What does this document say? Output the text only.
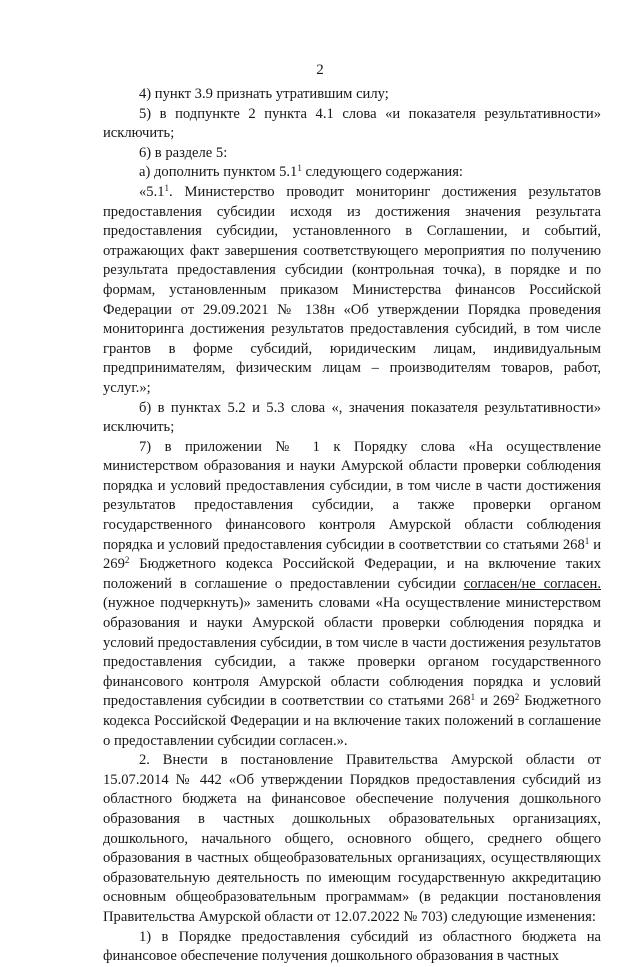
2

4) пункт 3.9 признать утратившим силу;

5) в подпункте 2 пункта 4.1 слова «и показателя результативности» исключить;

6) в разделе 5:

а) дополнить пунктом $5.1^1$ следующего содержания:

«$5.1^1$. Министерство проводит мониторинг достижения результатов предоставления субсидии исходя из достижения значения результата предоставления субсидии, установленного в Соглашении, и событий, отражающих факт завершения соответствующего мероприятия по получению результата предоставления субсидии (контрольная точка), в порядке и по формам, установленным приказом Министерства финансов Российской Федерации от 29.09.2021 № 138н «Об утверждении Порядка проведения мониторинга достижения результатов предоставления субсидий, в том числе грантов в форме субсидий, юридическим лицам, индивидуальным предпринимателям, физическим лицам – производителям товаров, работ, услуг.»;

б) в пунктах 5.2 и 5.3 слова «, значения показателя результативности» исключить;

7) в приложении № 1 к Порядку слова «На осуществление министерством образования и науки Амурской области проверки соблюдения порядка и условий предоставления субсидии, в том числе в части достижения результатов предоставления субсидии, а также проверки органом государственного финансового контроля Амурской области соблюдения порядка и условий предоставления субсидии в соответствии со статьями $268^1$ и $269^2$ Бюджетного кодекса Российской Федерации, и на включение таких положений в соглашение о предоставлении субсидии согласен/не согласен. (нужное подчеркнуть)» заменить словами «На осуществление министерством образования и науки Амурской области проверки соблюдения порядка и условий предоставления субсидии, в том числе в части достижения результатов предоставления субсидии, а также проверки органом государственного финансового контроля Амурской области соблюдения порядка и условий предоставления субсидии в соответствии со статьями $268^1$ и $269^2$ Бюджетного кодекса Российской Федерации и на включение таких положений в соглашение о предоставлении субсидии согласен.».

2. Внести в постановление Правительства Амурской области от 15.07.2014 № 442 «Об утверждении Порядков предоставления субсидий из областного бюджета на финансовое обеспечение получения дошкольного образования в частных дошкольных образовательных организациях, дошкольного, начального общего, основного общего, среднего общего образования в частных общеобразовательных организациях, осуществляющих образовательную деятельность по имеющим государственную аккредитацию основным общеобразовательным программам» (в редакции постановления Правительства Амурской области от 12.07.2022 № 703) следующие изменения:

1) в Порядке предоставления субсидий из областного бюджета на финансовое обеспечение получения дошкольного образования в частных
